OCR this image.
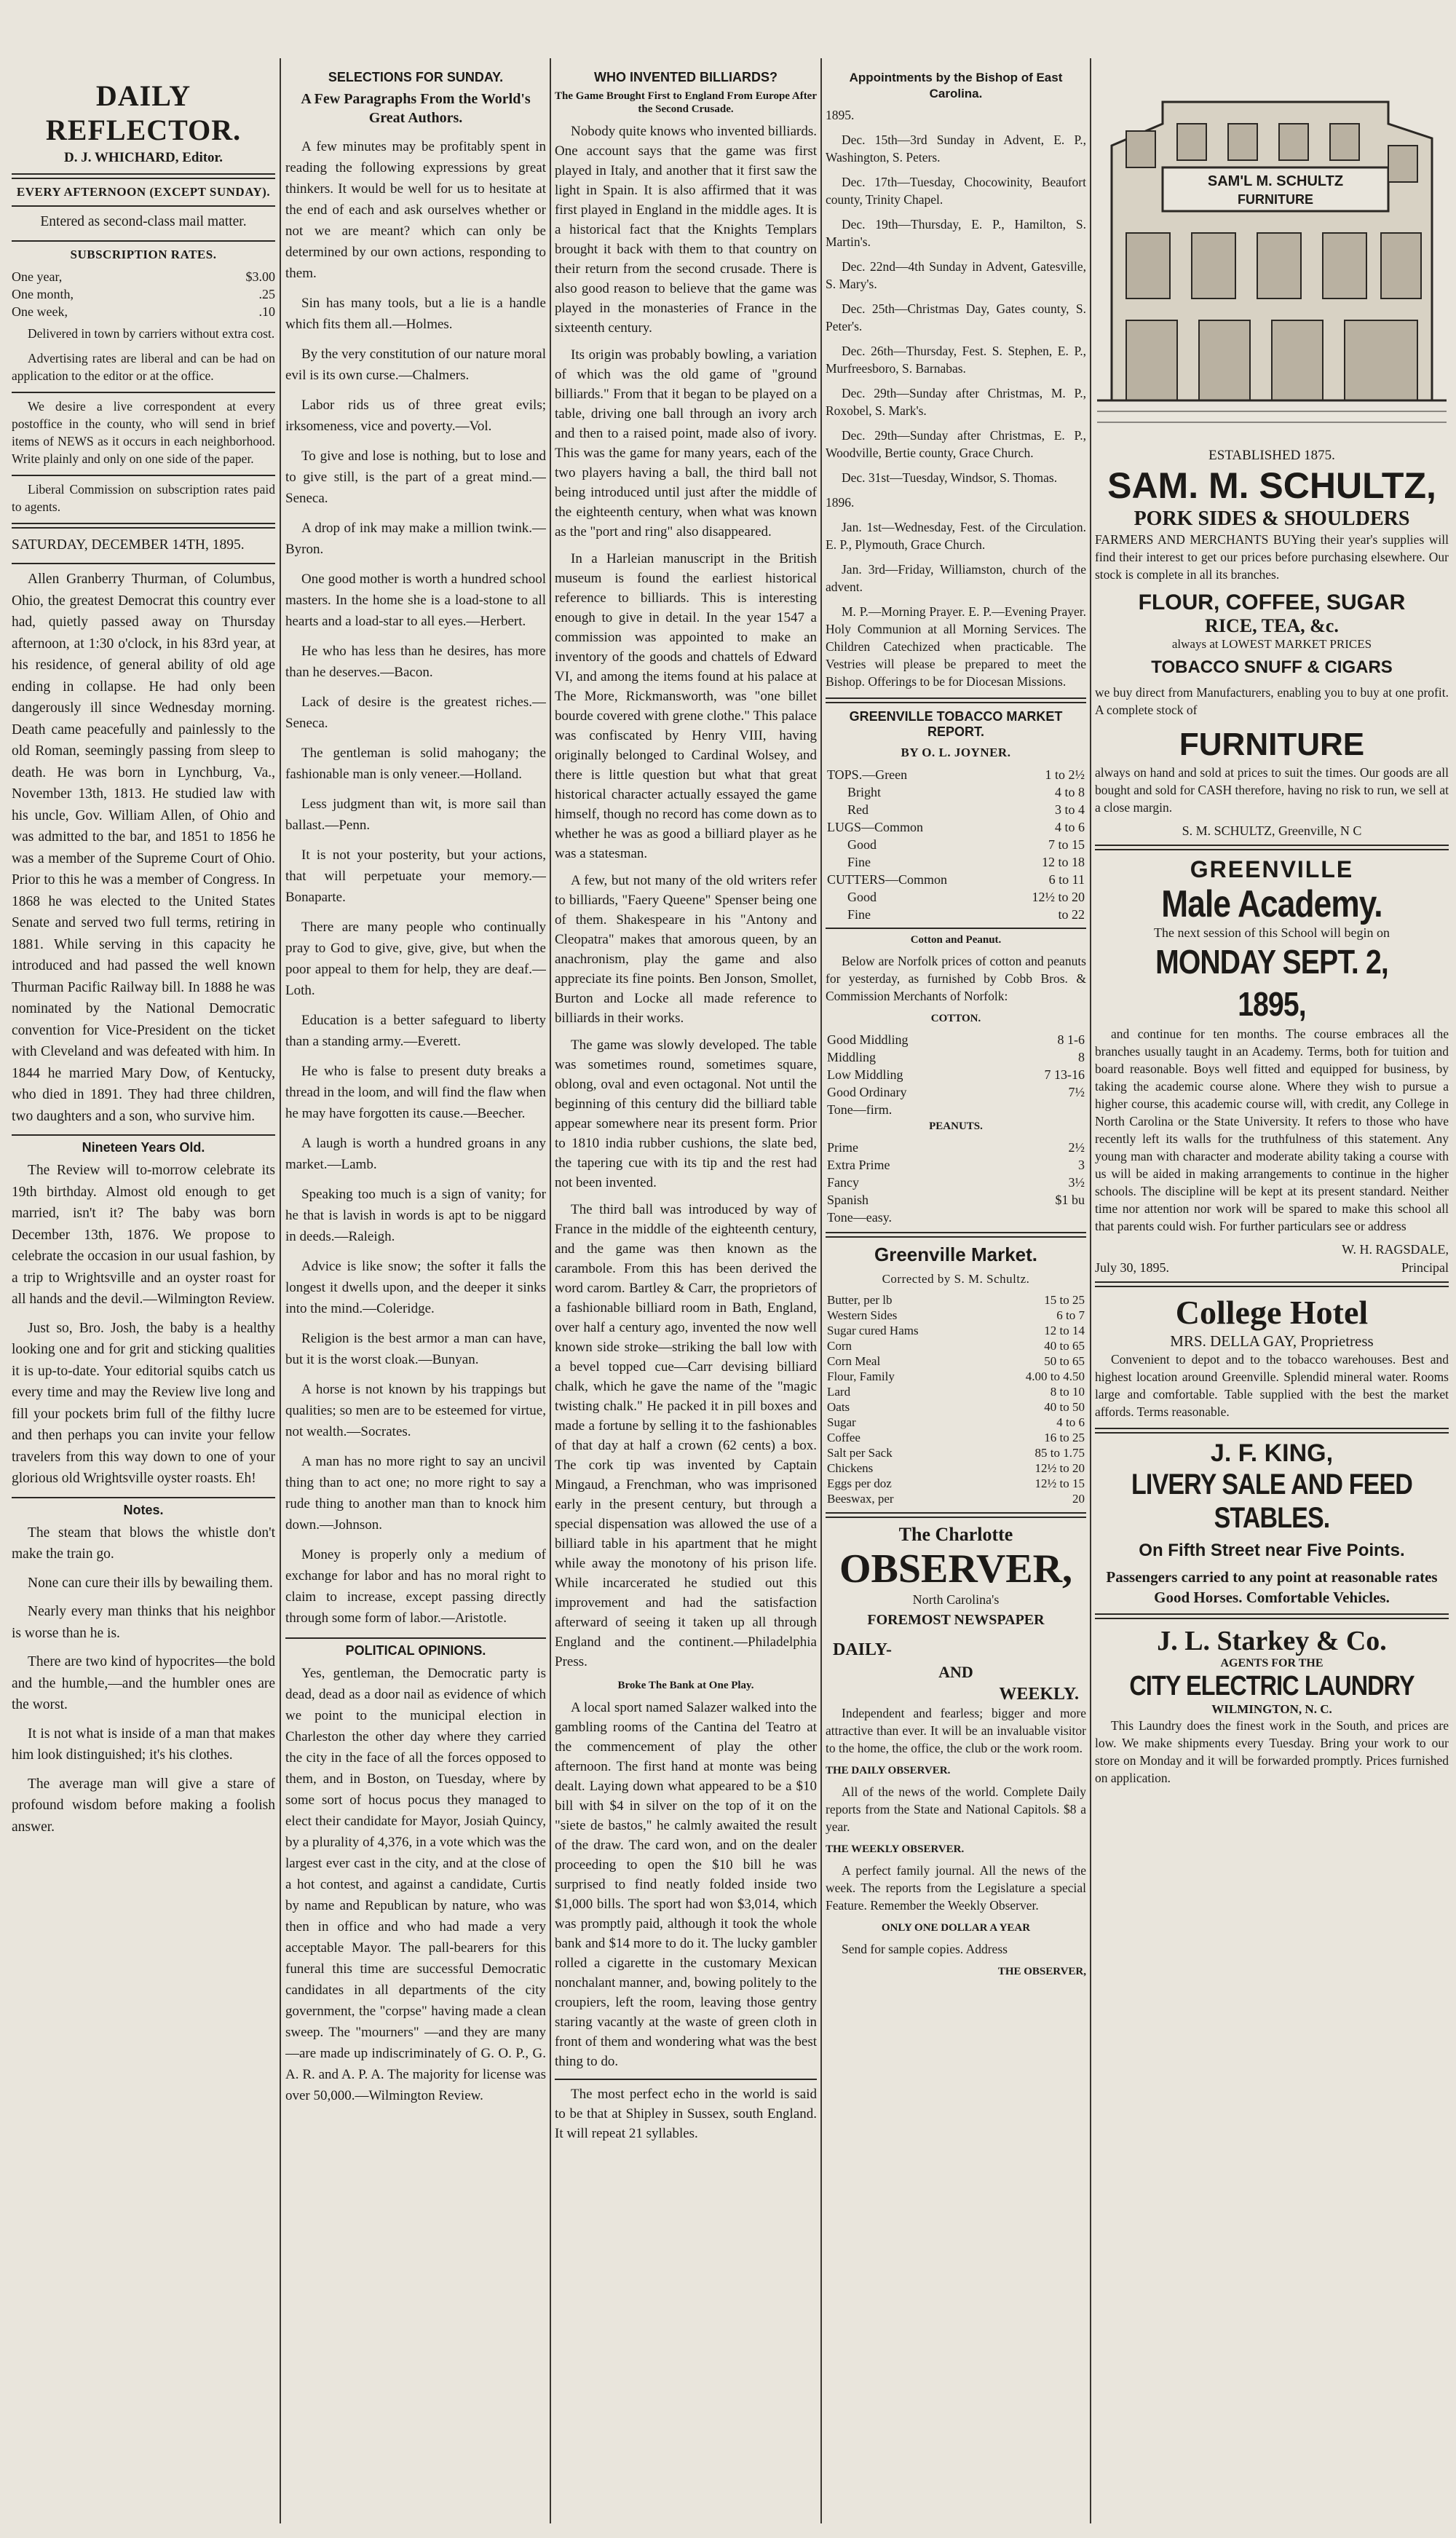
DAILY REFLECTOR.
D. J. WHICHARD, Editor.
EVERY AFTERNOON (EXCEPT SUNDAY).

Entered as second-class mail matter.

SUBSCRIPTION RATES.
One year,	$3.00
One month,	.25
One week,	.10

Delivered in town by carriers without extra cost.

Advertising rates are liberal and can be had on application to the editor or at the office.

We desire a live correspondent at every postoffice in the county, who will send in brief items of NEWS as it occurs in each neighborhood. Write plainly and only on one side of the paper.

Liberal Commission on subscription rates paid to agents.

SATURDAY, DECEMBER 14TH, 1895.

Allen Granberry Thurman, of Columbus, Ohio, the greatest Democrat this country ever had, quietly passed away on Thursday afternoon, at 1:30 o'clock, in his 83rd year, at his residence, of general ability of old age ending in collapse. He had only been dangerously ill since Wednesday morning. Death came peacefully and painlessly to the old Roman, seemingly passing from sleep to death. He was born in Lynchburg, Va., November 13th, 1813. He studied law with his uncle, Gov. William Allen, of Ohio and was admitted to the bar, and 1851 to 1856 he was a member of the Supreme Court of Ohio. Prior to this he was a member of Congress. In 1868 he was elected to the United States Senate and served two full terms, retiring in 1881. While serving in this capacity he introduced and had passed the well known Thurman Pacific Railway bill. In 1888 he was nominated by the National Democratic convention for Vice-President on the ticket with Cleveland and was defeated with him. In 1844 he married Mary Dow, of Kentucky, who died in 1891. They had three children, two daughters and a son, who survive him.

Nineteen Years Old.

The Review will to-morrow celebrate its 19th birthday. Almost old enough to get married, isn't it? The baby was born December 13th, 1876. We propose to celebrate the occasion in our usual fashion, by a trip to Wrightsville and an oyster roast for all hands and the devil.—Wilmington Review.

Just so, Bro. Josh, the baby is a healthy looking one and for grit and sticking qualities it is up-to-date. Your editorial squibs catch us every time and may the Review live long and fill your pockets brim full of the filthy lucre and then perhaps you can invite your fellow travelers from this way down to one of your glorious old Wrightsville oyster roasts. Eh!

Notes.

The steam that blows the whistle don't make the train go.

None can cure their ills by bewailing them.

Nearly every man thinks that his neighbor is worse than he is.

There are two kind of hypocrites—the bold and the humble,—and the humbler ones are the worst.

It is not what is inside of a man that makes him look distinguished; it's his clothes.

The average man will give a stare of profound wisdom before making a foolish answer.

SELECTIONS FOR SUNDAY.
A Few Paragraphs From the World's Great Authors.
A few minutes may be profitably spent in reading the following expressions by great thinkers. It would be well for us to hesitate at the end of each and ask ourselves whether or not we are meant? which can only be determined by our own actions, responding to them.
Sin has many tools, but a lie is a handle which fits them all.—Holmes.
By the very constitution of our nature moral evil is its own curse.—Chalmers.
Labor rids us of three great evils; irksomeness, vice and poverty.—Vol.
To give and lose is nothing, but to lose and to give still, is the part of a great mind.—Seneca.
A drop of ink may make a million twink.—Byron.
One good mother is worth a hundred school masters. In the home she is a load-stone to all hearts and a load-star to all eyes.—Herbert.
He who has less than he desires, has more than he deserves.—Bacon.
Lack of desire is the greatest riches.—Seneca.
The gentleman is solid mahogany; the fashionable man is only veneer.—Holland.
Less judgment than wit, is more sail than ballast.—Penn.
It is not your posterity, but your actions, that will perpetuate your memory.—Bonaparte.
There are many people who continually pray to God to give, give, give, but when the poor appeal to them for help, they are deaf.—Loth.
Education is a better safeguard to liberty than a standing army.—Everett.
He who is false to present duty breaks a thread in the loom, and will find the flaw when he may have forgotten its cause.—Beecher.
A laugh is worth a hundred groans in any market.—Lamb.
Speaking too much is a sign of vanity; for he that is lavish in words is apt to be niggard in deeds.—Raleigh.
Advice is like snow; the softer it falls the longest it dwells upon, and the deeper it sinks into the mind.—Coleridge.
Religion is the best armor a man can have, but it is the worst cloak.—Bunyan.
A horse is not known by his trappings but qualities; so men are to be esteemed for virtue, not wealth.—Socrates.
A man has no more right to say an uncivil thing than to act one; no more right to say a rude thing to another man than to knock him down.—Johnson.
Money is properly only a medium of exchange for labor and has no moral right to claim to increase, except passing directly through some form of labor.—Aristotle.
POLITICAL OPINIONS.
Yes, gentleman, the Democratic party is dead, dead as a door nail as evidence of which we point to the municipal election in Charleston the other day where they carried the city in the face of all the forces opposed to them, and in Boston, on Tuesday, where by some sort of hocus pocus they managed to elect their candidate for Mayor, Josiah Quincy, by a plurality of 4,376, in a vote which was the largest ever cast in the city, and at the close of a hot contest, and against a candidate, Curtis by name and Republican by nature, who was then in office and who had made a very acceptable Mayor. The pall-bearers for this funeral this time are successful Democratic candidates in all departments of the city government, the "corpse" having made a clean sweep. The "mourners" —and they are many—are made up indiscriminately of G. O. P., G. A. R. and A. P. A. The majority for license was over 50,000.—Wilmington Review.
WHO INVENTED BILLIARDS?
The Game Brought First to England From Europe After the Second Crusade.

Nobody quite knows who invented billiards. One account says that the game was first played in Italy, and another that it first saw the light in Spain. It is also affirmed that it was first played in England in the middle ages. It is a historical fact that the Knights Templars brought it back with them to that country on their return from the second crusade. There is also good reason to believe that the game was played in the monasteries of France in the sixteenth century.

Its origin was probably bowling, a variation of which was the old game of "ground billiards." From that it began to be played on a table, driving one ball through an ivory arch and then to a raised point, made also of ivory. This was the game for many years, each of the two players having a ball, the third ball not being introduced until just after the middle of the eighteenth century, when what was known as the "port and ring" also disappeared.

In a Harleian manuscript in the British museum is found the earliest historical reference to billiards. This is interesting enough to give in detail. In the year 1547 a commission was appointed to make an inventory of the goods and chattels of Edward VI, and among the items found at his palace at The More, Rickmansworth, was "one billet bourde covered with grene clothe." This palace was confiscated by Henry VIII, having originally belonged to Cardinal Wolsey, and there is little question but what that great historical character actually essayed the game himself, though no record has come down as to whether he was as good a billiard player as he was a statesman.

A few, but not many of the old writers refer to billiards, "Faery Queene" Spenser being one of them. Shakespeare in his "Antony and Cleopatra" makes that amorous queen, by an anachronism, play the game and also appreciate its fine points. Ben Jonson, Smollet, Burton and Locke all made reference to billiards in their works.

The game was slowly developed. The table was sometimes round, sometimes square, oblong, oval and even octagonal. Not until the beginning of this century did the billiard table appear somewhere near its present form. Prior to 1810 india rubber cushions, the slate bed, the tapering cue with its tip and the rest had not been invented.

The third ball was introduced by way of France in the middle of the eighteenth century, and the game was then known as the carambole. From this has been derived the word carom. Bartley & Carr, the proprietors of a fashionable billiard room in Bath, England, over half a century ago, invented the now well known side stroke—striking the ball low with a bevel topped cue—Carr devising billiard chalk, which he gave the name of the "magic twisting chalk." He packed it in pill boxes and made a fortune by selling it to the fashionables of that day at half a crown (62 cents) a box. The cork tip was invented by Captain Mingaud, a Frenchman, who was imprisoned early in the present century, but through a special dispensation was allowed the use of a billiard table in his apartment that he might while away the monotony of his prison life. While incarcerated he studied out this improvement and had the satisfaction afterward of seeing it taken up all through England and the continent.—Philadelphia Press.

Broke The Bank at One Play.

A local sport named Salazer walked into the gambling rooms of the Cantina del Teatro at the commencement of play the other afternoon. The first hand at monte was being dealt. Laying down what appeared to be a $10 bill with $4 in silver on the top of it on the "siete de bastos," he calmly awaited the result of the draw. The card won, and on the dealer proceeding to open the $10 bill he was surprised to find neatly folded inside two $1,000 bills. The sport had won $3,014, which was promptly paid, although it took the whole bank and $14 more to do it. The lucky gambler rolled a cigarette in the customary Mexican nonchalant manner, and, bowing politely to the croupiers, left the room, leaving those gentry staring vacantly at the waste of green cloth in front of them and wondering what was the best thing to do.

The most perfect echo in the world is said to be that at Shipley in Sussex, south England. It will repeat 21 syllables.

Appointments by the Bishop of East Carolina.

1895.

Dec. 15th—3rd Sunday in Advent, E. P., Washington, S. Peters.

Dec. 17th—Tuesday, Chocowinity, Beaufort county, Trinity Chapel.

Dec. 19th—Thursday, E. P., Hamilton, S. Martin's.

Dec. 22nd—4th Sunday in Advent, Gatesville, S. Mary's.

Dec. 25th—Christmas Day, Gates county, S. Peter's.

Dec. 26th—Thursday, Fest. S. Stephen, E. P., Murfreesboro, S. Barnabas.

Dec. 29th—Sunday after Christmas, M. P., Roxobel, S. Mark's.

Dec. 29th—Sunday after Christmas, E. P., Woodville, Bertie county, Grace Church.

Dec. 31st—Tuesday, Windsor, S. Thomas.

1896.

Jan. 1st—Wednesday, Fest. of the Circulation. E. P., Plymouth, Grace Church.

Jan. 3rd—Friday, Williamston, church of the advent.

M. P.—Morning Prayer. E. P.—Evening Prayer. Holy Communion at all Morning Services. The Children Catechized when practicable. The Vestries will please be prepared to meet the Bishop. Offerings to be for Diocesan Missions.

GREENVILLE TOBACCO MARKET REPORT.
BY O. L. JOYNER.
TOPS.—Green	1 to 2½
Bright	4 to 8
Red	3 to 4
LUGS—Common	4 to 6
Good	7 to 15
Fine	12 to 18
CUTTERS—Common	6 to 11
Good	12½ to 20
Fine	to 22
Cotton and Peanut.

Below are Norfolk prices of cotton and peanuts for yesterday, as furnished by Cobb Bros. & Commission Merchants of Norfolk:

COTTON.
Good Middling	8 1-6
Middling	8
Low Middling	7 13-16
Good Ordinary	7½
Tone—firm.	
PEANUTS.
Prime	2½
Extra Prime	3
Fancy	3½
Spanish	$1 bu
Tone—easy.	
Greenville Market.
Corrected by S. M. Schultz.
Butter, per lb	15 to 25
Western Sides	6 to 7
Sugar cured Hams	12 to 14
Corn	40 to 65
Corn Meal	50 to 65
Flour, Family	4.00 to 4.50
Lard	8 to 10
Oats	40 to 50
Sugar	4 to 6
Coffee	16 to 25
Salt per Sack	85 to 1.75
Chickens	12½ to 20
Eggs per doz	12½ to 15
Beeswax, per	20
The Charlotte
OBSERVER,
North Carolina's
FOREMOST NEWSPAPER
DAILY-
AND
WEEKLY.

Independent and fearless; bigger and more attractive than ever. It will be an invaluable visitor to the home, the office, the club or the work room.

THE DAILY OBSERVER.

All of the news of the world. Complete Daily reports from the State and National Capitols. $8 a year.

THE WEEKLY OBSERVER.

A perfect family journal. All the news of the week. The reports from the Legislature a special Feature. Remember the Weekly Observer.

ONLY ONE DOLLAR A YEAR

Send for sample copies. Address

THE OBSERVER,
SAM'L M. SCHULTZ
FURNITURE
ESTABLISHED 1875.
SAM. M. SCHULTZ,
PORK SIDES & SHOULDERS

FARMERS AND MERCHANTS BUYing their year's supplies will find their interest to get our prices before purchasing elsewhere. Our stock is complete in all its branches.

FLOUR, COFFEE, SUGAR
RICE, TEA, &c.
always at LOWEST MARKET PRICES
TOBACCO SNUFF & CIGARS

we buy direct from Manufacturers, enabling you to buy at one profit. A complete stock of

FURNITURE

always on hand and sold at prices to suit the times. Our goods are all bought and sold for CASH therefore, having no risk to run, we sell at a close margin.

S. M. SCHULTZ, Greenville, N C
GREENVILLE
Male Academy.
The next session of this School will begin on
MONDAY SEPT. 2, 1895,

and continue for ten months. The course embraces all the branches usually taught in an Academy. Terms, both for tuition and board reasonable. Boys well fitted and equipped for business, by taking the academic course alone. Where they wish to pursue a higher course, this academic course will, with credit, any College in North Carolina or the State University. It refers to those who have recently left its walls for the truthfulness of this statement. Any young man with character and moderate ability taking a course with us will be aided in making arrangements to continue in the higher schools. The discipline will be kept at its present standard. Neither time nor attention nor work will be spared to make this school all that parents could wish. For further particulars see or address

W. H. RAGSDALE,
July 30, 1895.	Principal
College Hotel
MRS. DELLA GAY, Proprietress

Convenient to depot and to the tobacco warehouses. Best and highest location around Greenville. Splendid mineral water. Rooms large and comfortable. Table supplied with the best the market affords. Terms reasonable.

J. F. KING,
LIVERY SALE AND FEED STABLES.
On Fifth Street near Five Points.
Passengers carried to any point at reasonable rates Good Horses. Comfortable Vehicles.
J. L. Starkey & Co.
AGENTS FOR THE
CITY ELECTRIC LAUNDRY
WILMINGTON, N. C.

This Laundry does the finest work in the South, and prices are low. We make shipments every Tuesday. Bring your work to our store on Monday and it will be forwarded promptly. Prices furnished on application.
